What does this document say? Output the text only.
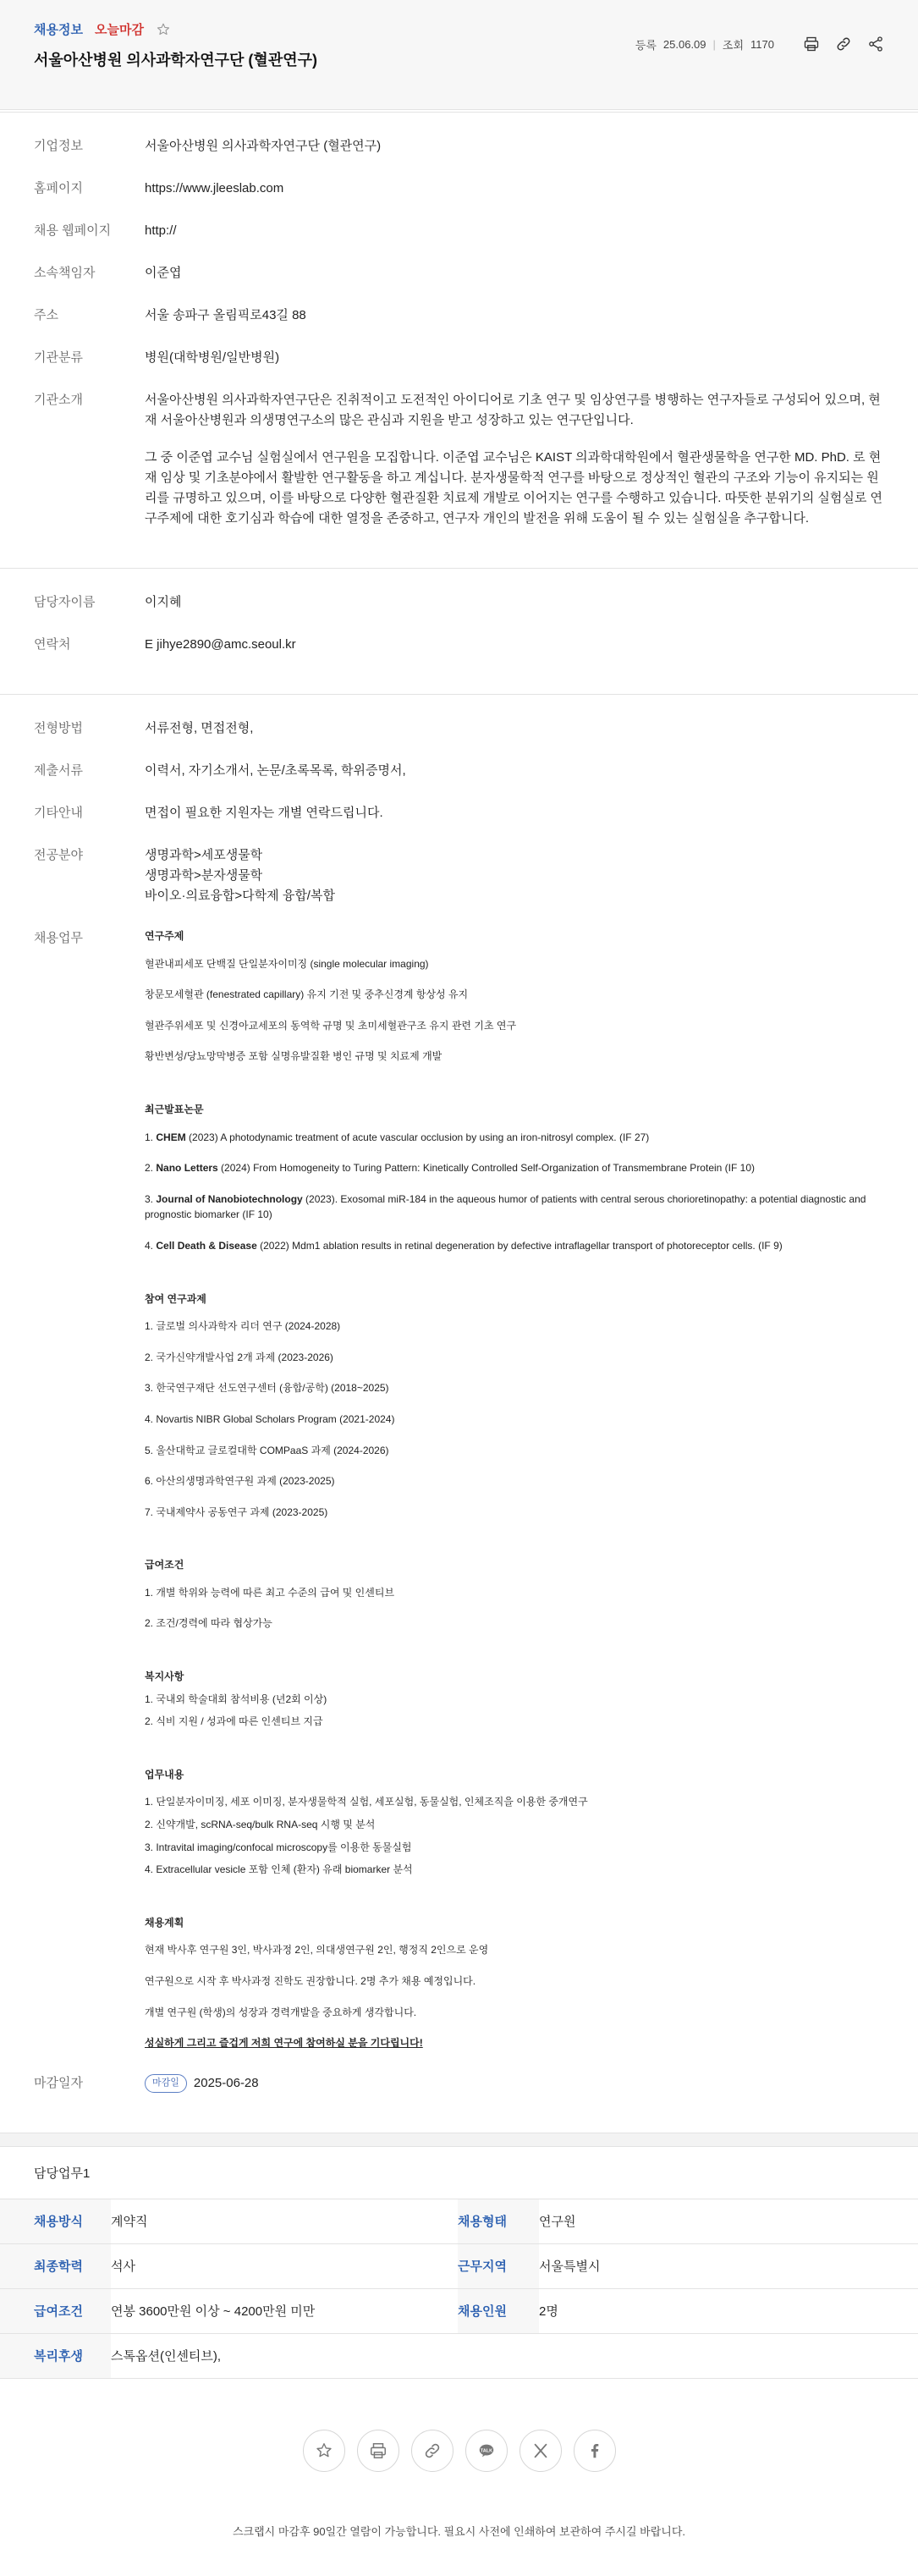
채용정보 오늘마감
서울아산병원 의사과학자연구단 (혈관연구)
등록 25.06.09 | 조회 1170
기업정보	서울아산병원 의사과학자연구단 (혈관연구)
홈페이지	https://www.jleeslab.com
채용 웹페이지	http://
소속책임자	이준엽
주소	서울 송파구 올림픽로43길 88
기관분류	병원(대학병원/일반병원)
기관소개	서울아산병원 의사과학자연구단은 진취적이고 도전적인 아이디어로 기초 연구 및 임상연구를 병행하는 연구자들로 구성되어 있으며, 현재 서울아산병원과 의생명연구소의 많은 관심과 지원을 받고 성장하고 있는 연구단입니다.

그 중 이준엽 교수님 실험실에서 연구원을 모집합니다. 이준엽 교수님은 KAIST 의과학대학원에서 혈관생물학을 연구한 MD. PhD. 로 현재 임상 및 기초분야에서 활발한 연구활동을 하고 계십니다. 분자생물학적 연구를 바탕으로 정상적인 혈관의 구조와 기능이 유지되는 원리를 규명하고 있으며, 이를 바탕으로 다양한 혈관질환 치료제 개발로 이어지는 연구를 수행하고 있습니다. 따뜻한 분위기의 실험실로 연구주제에 대한 호기심과 학습에 대한 열정을 존중하고, 연구자 개인의 발전을 위해 도움이 될 수 있는 실험실을 추구합니다.

담당자이름	이지혜
연락처	E jihye2890@amc.seoul.kr
전형방법	서류전형, 면접전형,
제출서류	이력서, 자기소개서, 논문/초록목록, 학위증명서,
기타안내	면접이 필요한 지원자는 개별 연락드립니다.
전공분야	생명과학>세포생물학
생명과학>분자생물학
바이오·의료융합>다학제 융합/복합
채용업무	연구주제
혈관내피세포 단백질 단일분자이미징 (single molecular imaging)
창문모세혈관 (fenestrated capillary) 유지 기전 및 중추신경계 항상성 유지
혈관주위세포 및 신경아교세포의 동역학 규명 및 초미세혈관구조 유지 관련 기초 연구
황반변성/당뇨망막병증 포함 실명유발질환 병인 규명 및 치료제 개발
최근발표논문
1. CHEM (2023) A photodynamic treatment of acute vascular occlusion by using an iron-nitrosyl complex. (IF 27)
2. Nano Letters (2024) From Homogeneity to Turing Pattern: Kinetically Controlled Self-Organization of Transmembrane Protein (IF 10)
3. Journal of Nanobiotechnology (2023). Exosomal miR-184 in the aqueous humor of patients with central serous chorioretinopathy: a potential diagnostic and prognostic biomarker (IF 10)
4. Cell Death & Disease (2022) Mdm1 ablation results in retinal degeneration by defective intraflagellar transport of photoreceptor cells. (IF 9)
참여 연구과제
1. 글로벌 의사과학자 리더 연구 (2024-2028)
2. 국가신약개발사업 2개 과제 (2023-2026)
3. 한국연구재단 선도연구센터 (융합/공학) (2018~2025)
4. Novartis NIBR Global Scholars Program (2021-2024)
5. 울산대학교 글로컬대학 COMPaaS 과제 (2024-2026)
6. 아산의생명과학연구원 과제 (2023-2025)
7. 국내제약사 공동연구 과제 (2023-2025)
급여조건
1. 개별 학위와 능력에 따른 최고 수준의 급여 및 인센티브
2. 조건/경력에 따라 협상가능
복지사항
1. 국내외 학술대회 참석비용 (년2회 이상)
2. 식비 지원 / 성과에 따른 인센티브 지급
업무내용
1. 단일분자이미징, 세포 이미징, 분자생물학적 실험, 세포실험, 동물실험, 인체조직을 이용한 중개연구
2. 신약개발, scRNA-seq/bulk RNA-seq 시행 및 분석
3. Intravital imaging/confocal microscopy를 이용한 동물실험
4. Extracellular vesicle 포함 인체 (환자) 유래 biomarker 분석
채용계획
현재 박사후 연구원 3인, 박사과정 2인, 의대생연구원 2인, 행정직 2인으로 운영
연구원으로 시작 후 박사과정 진학도 권장합니다. 2명 추가 채용 예정입니다.
개별 연구원 (학생)의 성장과 경력개발을 중요하게 생각합니다.
성실하게 그리고 즐겁게 저희 연구에 참여하실 분을 기다립니다!
마감일자	마감일 2025-06-28
담당업무1
채용방식	계약직	채용형태	연구원
최종학력	석사	근무지역	서울특별시
급여조건	연봉 3600만원 이상 ~ 4200만원 미만	채용인원	2명
복리후생	스톡옵션(인센티브),
TALK
스크랩시 마감후 90일간 열람이 가능합니다. 필요시 사전에 인쇄하여 보관하여 주시길 바랍니다.
